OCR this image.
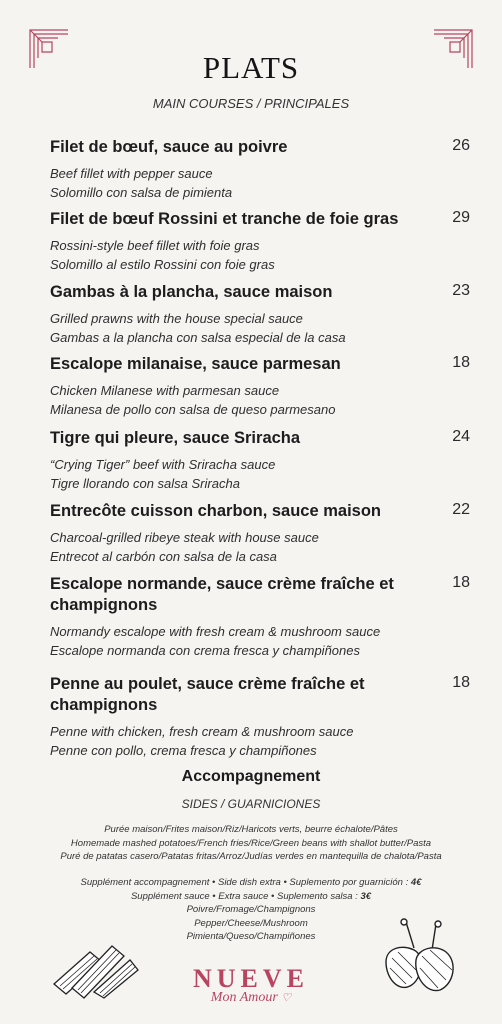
PLATS
MAIN COURSES / PRINCIPALES
Filet de bœuf, sauce au poivre	26
Beef fillet with pepper sauce
Solomillo con salsa de pimienta
Filet de bœuf Rossini et tranche de foie gras	29
Rossini-style beef fillet with foie gras
Solomillo al estilo Rossini con foie gras
Gambas à la plancha, sauce maison	23
Grilled prawns with the house special sauce
Gambas a la plancha con salsa especial de la casa
Escalope milanaise, sauce parmesan	18
Chicken Milanese with parmesan sauce
Milanesa de pollo con salsa de queso parmesano
Tigre qui pleure, sauce Sriracha	24
“Crying Tiger” beef with Sriracha sauce
Tigre llorando con salsa Sriracha
Entrecôte cuisson charbon, sauce maison	22
Charcoal-grilled ribeye steak with house sauce
Entrecot al carbón con salsa de la casa
Escalope normande, sauce crème fraîche et champignons
18
Normandy escalope with fresh cream & mushroom sauce
Escalope normanda con crema fresca y champiñones
Penne au poulet, sauce crème fraîche et champignons
18
Penne with chicken, fresh cream & mushroom sauce
Penne con pollo, crema fresca y champiñones
Accompagnement
SIDES / GUARNICIONES
Purée maison/Frites maison/Riz/Haricots verts, beurre échalote/Pâtes
Homemade mashed potatoes/French fries/Rice/Green beans with shallot butter/Pasta
Puré de patatas casero/Patatas fritas/Arroz/Judías verdes en mantequilla de chalota/Pasta
Supplément accompagnement • Side dish extra • Suplemento por guarnición : 4€
Supplément sauce • Extra sauce • Suplemento salsa : 3€
Poivre/Fromage/Champignons
Pepper/Cheese/Mushroom
Pimienta/Queso/Champiñones
NUEVE
Mon Amour ♡
